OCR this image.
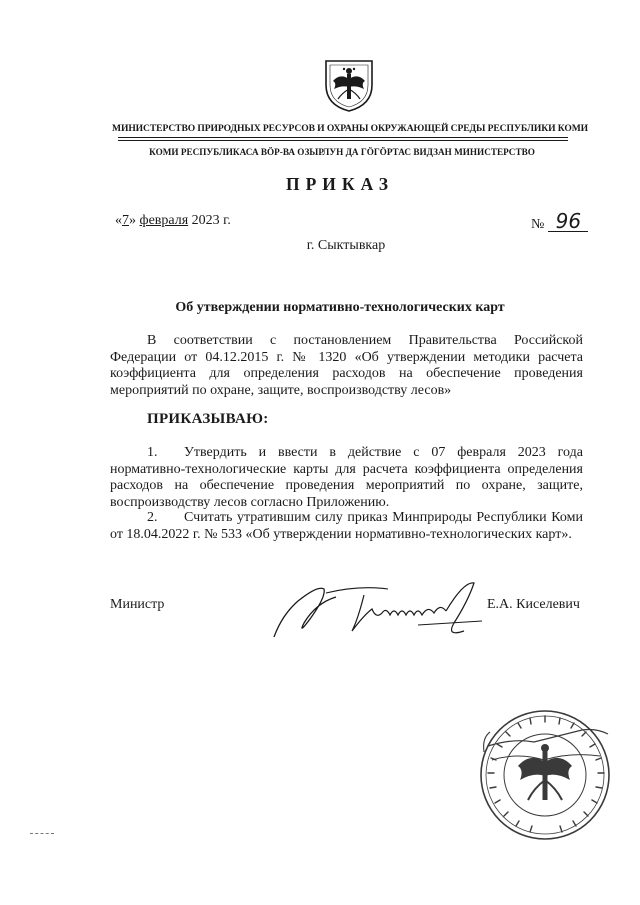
МИНИСТЕРСТВО ПРИРОДНЫХ РЕСУРСОВ И ОХРАНЫ ОКРУЖАЮЩЕЙ СРЕДЫ РЕСПУБЛИКИ КОМИ
КОМИ РЕСПУБЛИКАСА ВÖР-ВА ОЗЫРЛУН ДА ГÖГÖРТАС ВИДЗАН МИНИСТЕРСТВО
ПРИКАЗ
«7» февраля 2023 г.	№ 96
г. Сыктывкар
Об утверждении нормативно-технологических карт
В соответствии с постановлением Правительства Российской Федерации от 04.12.2015 г. № 1320 «Об утверждении методики расчета коэффициента для определения расходов на обеспечение проведения мероприятий по охране, защите, воспроизводству лесов»
ПРИКАЗЫВАЮ:
1. Утвердить и ввести в действие с 07 февраля 2023 года нормативно-технологические карты для расчета коэффициента определения расходов на обеспечение проведения мероприятий по охране, защите, воспроизводству лесов согласно Приложению.
2. Считать утратившим силу приказ Минприроды Республики Коми от 18.04.2022 г. № 533 «Об утверждении нормативно-технологических карт».
Министр	Е.А. Киселевич
